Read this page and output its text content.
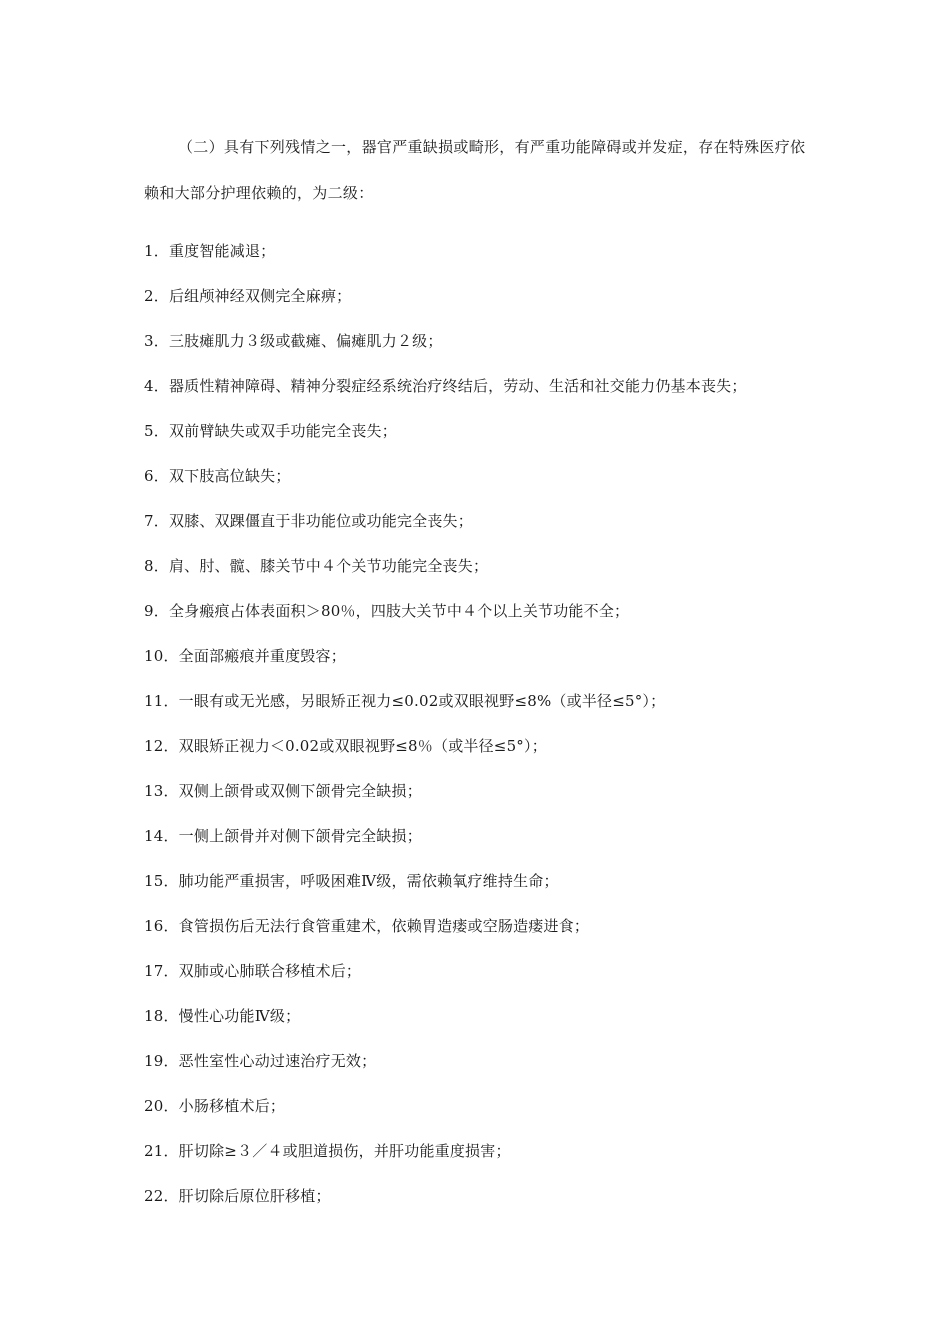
（二）具有下列残情之一，器官严重缺损或畸形，有严重功能障碍或并发症，存在特殊医疗依赖和大部分护理依赖的，为二级：

1．重度智能减退；
2．后组颅神经双侧完全麻痹；
3．三肢瘫肌力３级或截瘫、偏瘫肌力２级；
4．器质性精神障碍、精神分裂症经系统治疗终结后，劳动、生活和社交能力仍基本丧失；
5．双前臂缺失或双手功能完全丧失；
6．双下肢高位缺失；
7．双膝、双踝僵直于非功能位或功能完全丧失；
8．肩、肘、髋、膝关节中４个关节功能完全丧失；
9．全身瘢痕占体表面积＞80％，四肢大关节中４个以上关节功能不全；
10．全面部瘢痕并重度毁容；
11．一眼有或无光感，另眼矫正视力≤0.02或双眼视野≤8%（或半径≤5°）；
12．双眼矫正视力＜0.02或双眼视野≤8％（或半径≤5°）；
13．双侧上颌骨或双侧下颌骨完全缺损；
14．一侧上颌骨并对侧下颌骨完全缺损；
15．肺功能严重损害，呼吸困难Ⅳ级，需依赖氧疗维持生命；
16．食管损伤后无法行食管重建术，依赖胃造瘘或空肠造瘘进食；
17．双肺或心肺联合移植术后；
18．慢性心功能Ⅳ级；
19．恶性室性心动过速治疗无效；
20．小肠移植术后；
21．肝切除≥３／４或胆道损伤，并肝功能重度损害；
22．肝切除后原位肝移植；
